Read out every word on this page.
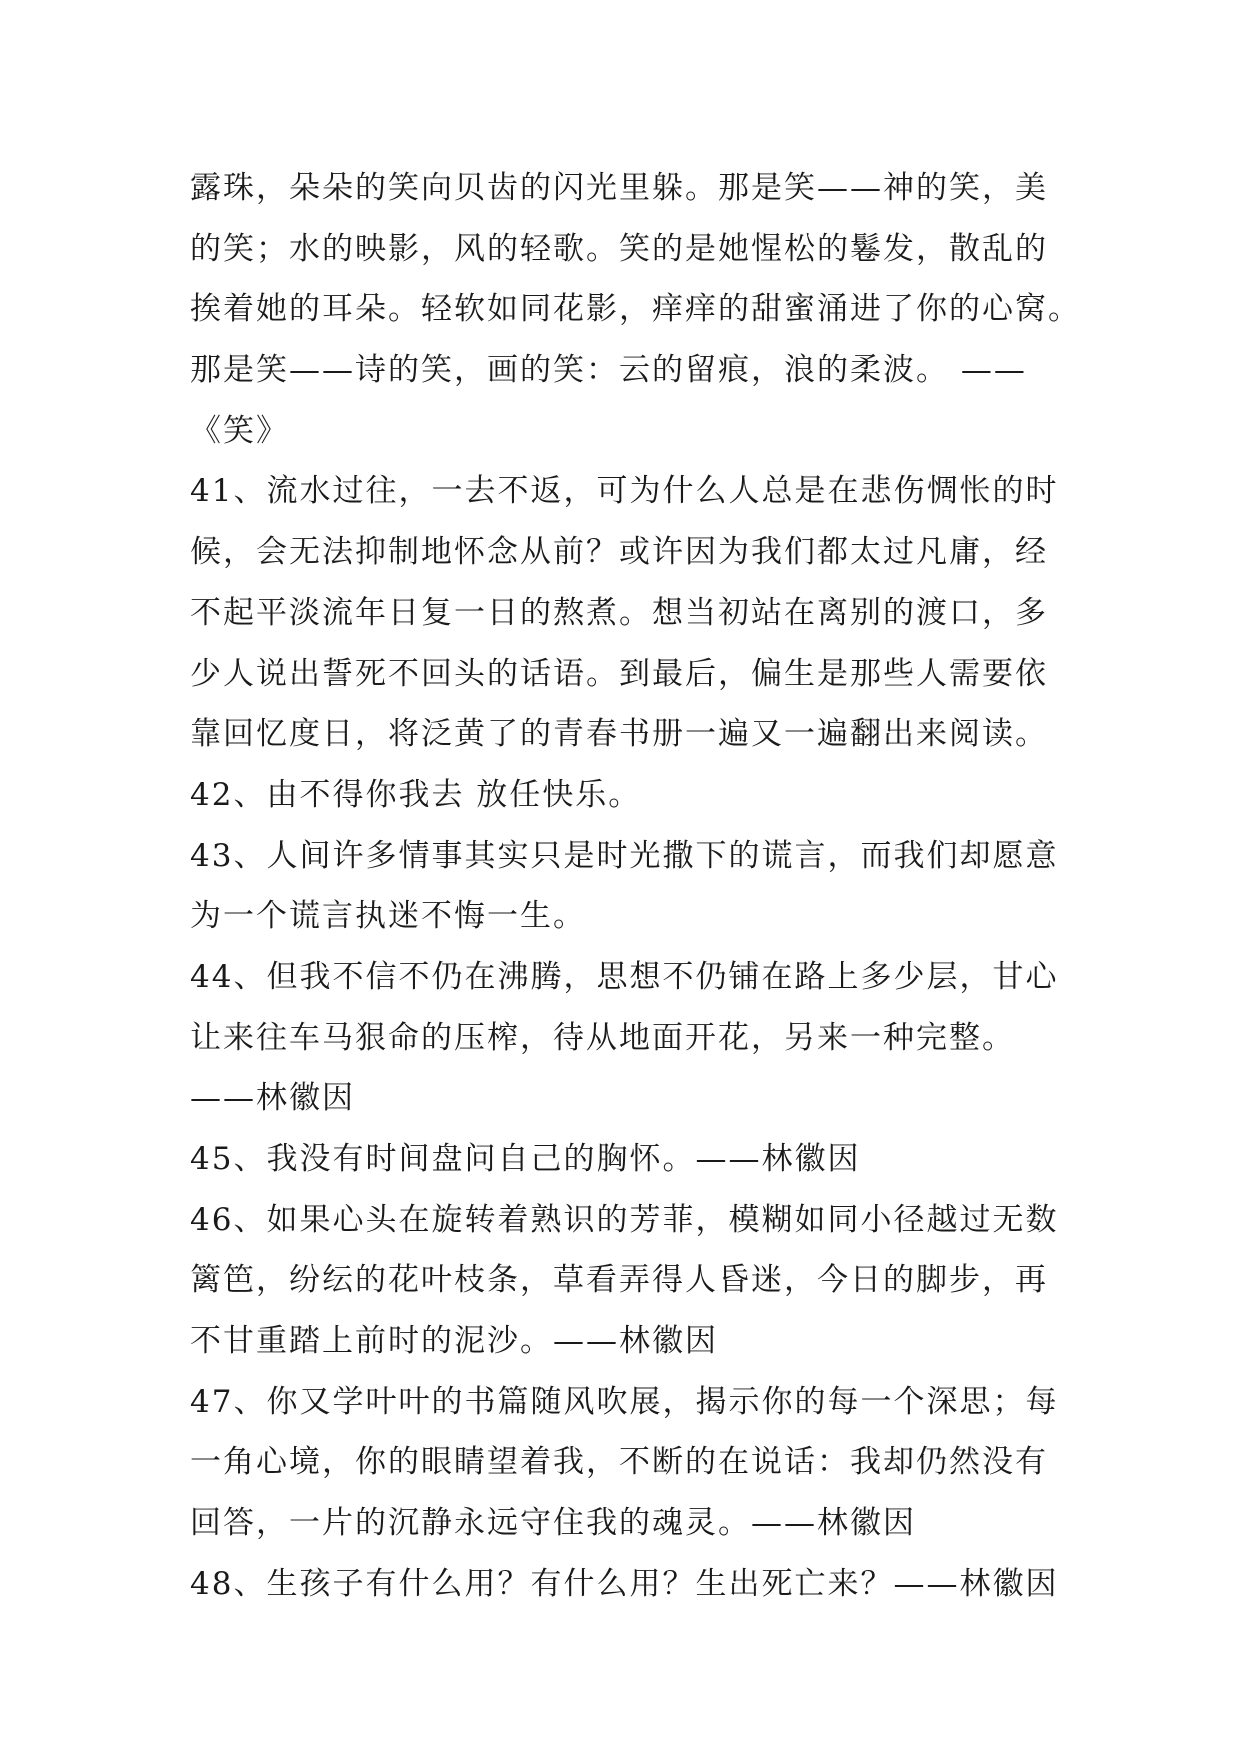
露珠，朵朵的笑向贝齿的闪光里躲。那是笑——神的笑，美
的笑；水的映影，风的轻歌。笑的是她惺松的鬈发，散乱的
挨着她的耳朵。轻软如同花影，痒痒的甜蜜涌进了你的心窝。
那是笑——诗的笑，画的笑：云的留痕，浪的柔波。 ——
《笑》
41、流水过往，一去不返，可为什么人总是在悲伤惆怅的时
候，会无法抑制地怀念从前？或许因为我们都太过凡庸，经
不起平淡流年日复一日的熬煮。想当初站在离别的渡口，多
少人说出誓死不回头的话语。到最后，偏生是那些人需要依
靠回忆度日，将泛黄了的青春书册一遍又一遍翻出来阅读。
42、由不得你我去 放任快乐。
43、人间许多情事其实只是时光撒下的谎言，而我们却愿意
为一个谎言执迷不悔一生。
44、但我不信不仍在沸腾，思想不仍铺在路上多少层，甘心
让来往车马狠命的压榨，待从地面开花，另来一种完整。
——林徽因
45、我没有时间盘问自己的胸怀。——林徽因
46、如果心头在旋转着熟识的芳菲，模糊如同小径越过无数
篱笆，纷纭的花叶枝条，草看弄得人昏迷，今日的脚步，再
不甘重踏上前时的泥沙。——林徽因
47、你又学叶叶的书篇随风吹展，揭示你的每一个深思；每
一角心境，你的眼睛望着我，不断的在说话：我却仍然没有
回答，一片的沉静永远守住我的魂灵。——林徽因
48、生孩子有什么用？有什么用？生出死亡来？——林徽因
